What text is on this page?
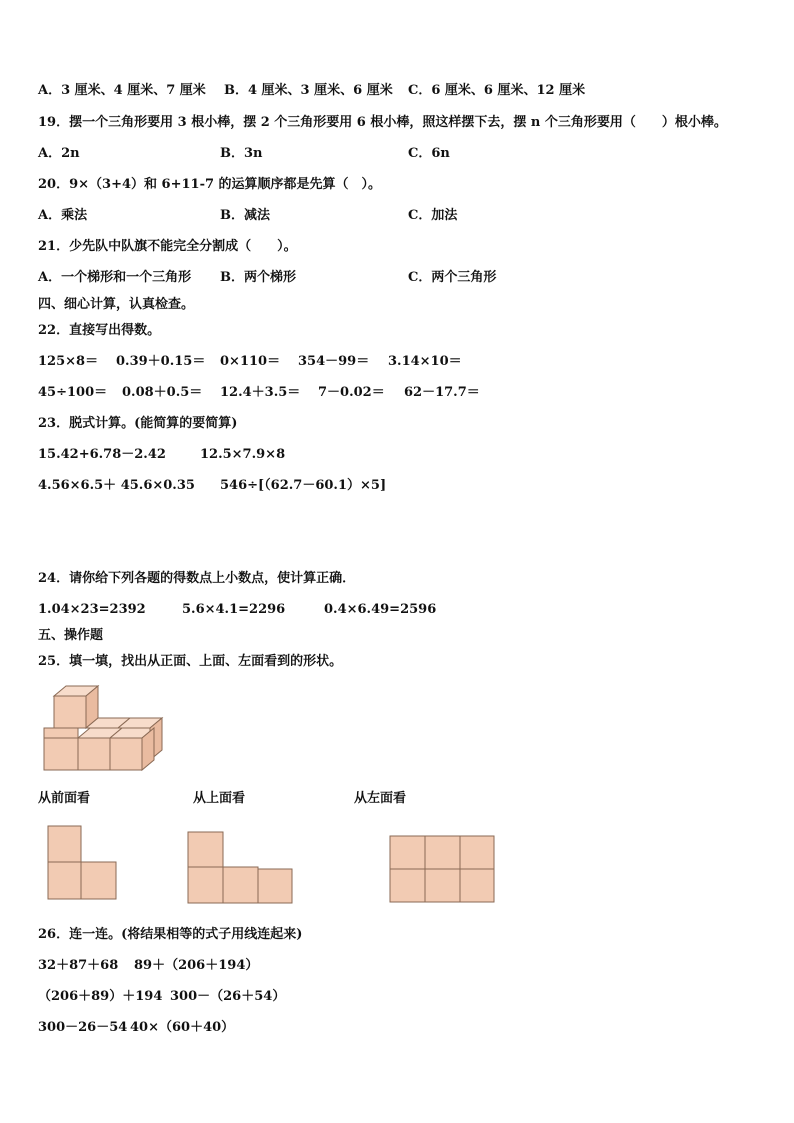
A．3 厘米、4 厘米、7 厘米 B．4 厘米、3 厘米、6 厘米 C．6 厘米、6 厘米、12 厘米
19．摆一个三角形要用 3 根小棒，摆 2 个三角形要用 6 根小棒，照这样摆下去，摆 n 个三角形要用（　　）根小棒。
A．2n	B．3n	C．6n
20．9×（3+4）和 6+11-7 的运算顺序都是先算（　）。
A．乘法	B．减法	C．加法
21．少先队中队旗不能完全分割成（　　）。
A．一个梯形和一个三角形 B．两个梯形	C．两个三角形
四、细心计算，认真检查。
22．直接写出得数。
125×8＝ 0.39＋0.15＝ 0×110＝ 354－99＝ 3.14×10＝
45÷100＝ 0.08＋0.5＝ 12.4＋3.5＝ 7－0.02＝ 62－17.7＝
23．脱式计算。(能简算的要简算)
15.42+6.78－2.42	12.5×7.9×8
4.56×6.5＋ 45.6×0.35 546÷[（62.7－60.1）×5]
24．请你给下列各题的得数点上小数点，使计算正确．
1.04×23=2392	5.6×4.1=2296	0.4×6.49=2596
五、操作题
25．填一填，找出从正面、上面、左面看到的形状。
从前面看	从上面看	从左面看
26．连一连。(将结果相等的式子用线连起来)
32＋87＋68 89＋（206＋194）
（206＋89）＋194 300－（26＋54）
300－26－54 40×（60＋40）
